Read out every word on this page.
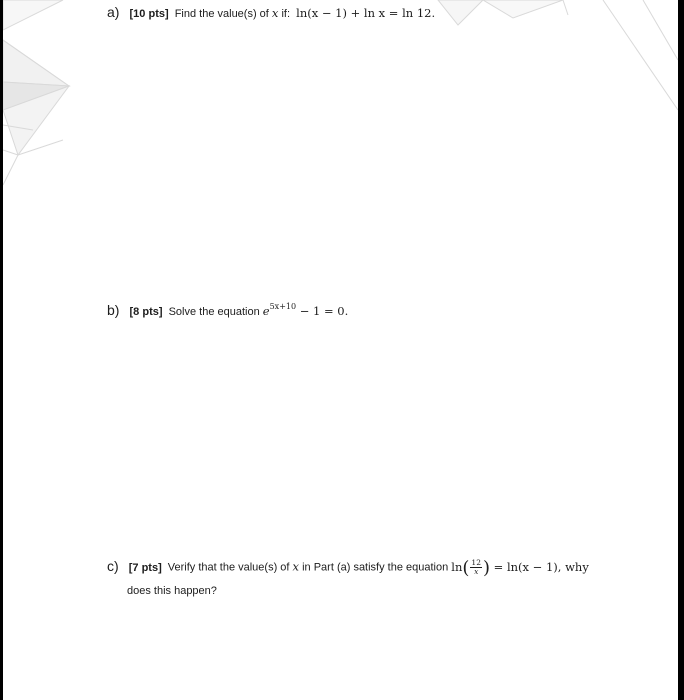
a) [10 pts] Find the value(s) of x if: ln(x − 1) + ln x = ln 12.
b) [8 pts] Solve the equation $e^{5x+10} - 1 = 0$.
c) [7 pts] Verify that the value(s) of x in Part (a) satisfy the equation $\ln( \frac{12}{x}$ ) = ln(x − 1), why
does this happen?
